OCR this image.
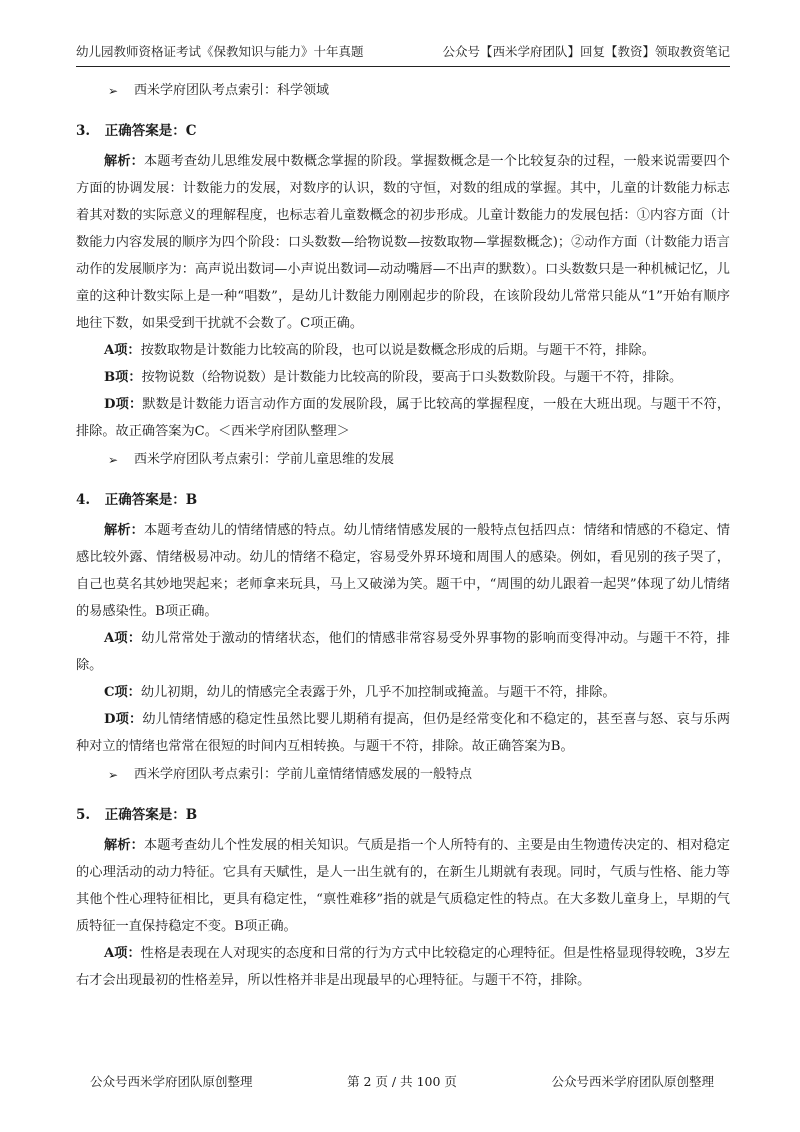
幼儿园教师资格证考试《保教知识与能力》十年真题	公众号【西米学府团队】回复【教资】领取教资笔记
➢ 西米学府团队考点索引：科学领域
3. 正确答案是：C

解析：本题考查幼儿思维发展中数概念掌握的阶段。掌握数概念是一个比较复杂的过程，一般来说需要四个方面的协调发展：计数能力的发展，对数序的认识，数的守恒，对数的组成的掌握。其中，儿童的计数能力标志着其对数的实际意义的理解程度，也标志着儿童数概念的初步形成。儿童计数能力的发展包括：①内容方面（计数能力内容发展的顺序为四个阶段：口头数数—给物说数—按数取物—掌握数概念)；②动作方面（计数能力语言动作的发展顺序为：高声说出数词—小声说出数词—动动嘴唇—不出声的默数）。口头数数只是一种机械记忆，儿童的这种计数实际上是一种“唱数”，是幼儿计数能力刚刚起步的阶段，在该阶段幼儿常常只能从“1”开始有顺序地往下数，如果受到干扰就不会数了。C项正确。

A项：按数取物是计数能力比较高的阶段，也可以说是数概念形成的后期。与题干不符，排除。

B项：按物说数（给物说数）是计数能力比较高的阶段，要高于口头数数阶段。与题干不符，排除。

D项：默数是计数能力语言动作方面的发展阶段，属于比较高的掌握程度，一般在大班出现。与题干不符，排除。故正确答案为C。＜西米学府团队整理＞

➢ 西米学府团队考点索引：学前儿童思维的发展
4. 正确答案是：B

解析：本题考查幼儿的情绪情感的特点。幼儿情绪情感发展的一般特点包括四点：情绪和情感的不稳定、情感比较外露、情绪极易冲动。幼儿的情绪不稳定，容易受外界环境和周围人的感染。例如，看见别的孩子哭了，自己也莫名其妙地哭起来；老师拿来玩具，马上又破涕为笑。题干中，“周围的幼儿跟着一起哭”体现了幼儿情绪的易感染性。B项正确。

A项：幼儿常常处于激动的情绪状态，他们的情感非常容易受外界事物的影响而变得冲动。与题干不符，排除。

C项：幼儿初期，幼儿的情感完全表露于外，几乎不加控制或掩盖。与题干不符，排除。

D项：幼儿情绪情感的稳定性虽然比婴儿期稍有提高，但仍是经常变化和不稳定的，甚至喜与怒、哀与乐两种对立的情绪也常常在很短的时间内互相转换。与题干不符，排除。故正确答案为B。

➢ 西米学府团队考点索引：学前儿童情绪情感发展的一般特点
5. 正确答案是：B

解析：本题考查幼儿个性发展的相关知识。气质是指一个人所特有的、主要是由生物遗传决定的、相对稳定的心理活动的动力特征。它具有天赋性，是人一出生就有的，在新生儿期就有表现。同时，气质与性格、能力等其他个性心理特征相比，更具有稳定性，“禀性难移”指的就是气质稳定性的特点。在大多数儿童身上，早期的气质特征一直保持稳定不变。B项正确。

A项：性格是表现在人对现实的态度和日常的行为方式中比较稳定的心理特征。但是性格显现得较晚，3岁左右才会出现最初的性格差异，所以性格并非是出现最早的心理特征。与题干不符，排除。

公众号西米学府团队原创整理	第 2 页 / 共 100 页	公众号西米学府团队原创整理
